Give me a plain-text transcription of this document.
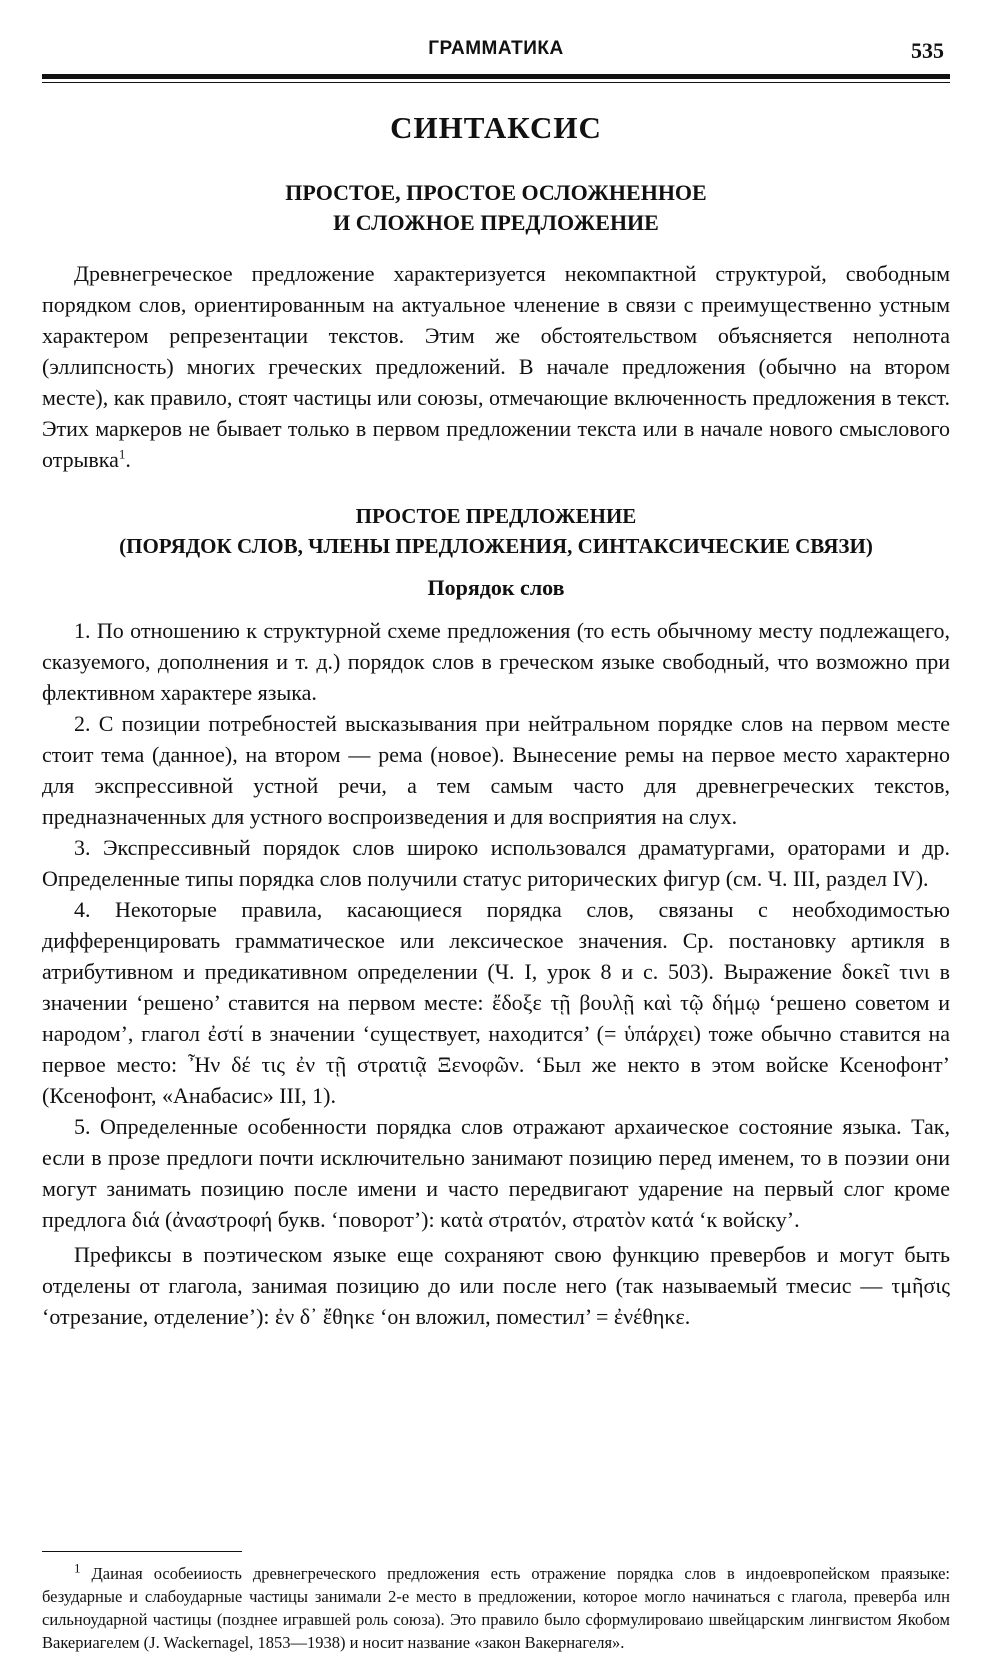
ГРАММАТИКА	535
СИНТАКСИС
ПРОСТОЕ, ПРОСТОЕ ОСЛОЖНЕННОЕ
И СЛОЖНОЕ ПРЕДЛОЖЕНИЕ

Древнегреческое предложение характеризуется некомпактной структурой, свободным порядком слов, ориентированным на актуальное членение в связи с преимущественно устным характером репрезентации текстов. Этим же обстоятельством объясняется неполнота (эллипсность) многих греческих предложений. В начале предложения (обычно на втором месте), как правило, стоят частицы или союзы, отмечающие включенность предложения в текст. Этих маркеров не бывает только в первом предложении текста или в начале нового смыслового отрывка$^1$.

ПРОСТОЕ ПРЕДЛОЖЕНИЕ
(ПОРЯДОК СЛОВ, ЧЛЕНЫ ПРЕДЛОЖЕНИЯ, СИНТАКСИЧЕСКИЕ СВЯЗИ)
Порядок слов

1. По отношению к структурной схеме предложения (то есть обычному месту подлежащего, сказуемого, дополнения и т. д.) порядок слов в греческом языке свободный, что возможно при флективном характере языка.

2. С позиции потребностей высказывания при нейтральном порядке слов на первом месте стоит тема (данное), на втором — рема (новое). Вынесение ремы на первое место характерно для экспрессивной устной речи, а тем самым часто для древнегреческих текстов, предназначенных для устного воспроизведения и для восприятия на слух.

3. Экспрессивный порядок слов широко использовался драматургами, ораторами и др. Определенные типы порядка слов получили статус риторических фигур (см. Ч. III, раздел IV).

4. Некоторые правила, касающиеся порядка слов, связаны с необходимостью дифференцировать грамматическое или лексическое значения. Ср. постановку артикля в атрибутивном и предикативном определении (Ч. I, урок 8 и с. 503). Выражение δοκεῖ τινι в значении ‘решено’ ставится на первом месте: ἔδοξε τῇ βουλῇ καὶ τῷ δήμῳ ‘решено советом и народом’, глагол ἐστί в значении ‘существует, находится’ (= ὑπάρχει) тоже обычно ставится на первое место: Ἦν δέ τις ἐν τῇ στρατιᾷ Ξενοφῶν. ‘Был же некто в этом войске Ксенофонт’ (Ксенофонт, «Анабасис» III, 1).

5. Определенные особенности порядка слов отражают архаическое состояние языка. Так, если в прозе предлоги почти исключительно занимают позицию перед именем, то в поэзии они могут занимать позицию после имени и часто передвигают ударение на первый слог кроме предлога διά (ἀναστροφή букв. ‘поворот’): κατὰ στρατόν, στρατὸν κατά ‘к войску’.

Префиксы в поэтическом языке еще сохраняют свою функцию превербов и могут быть отделены от глагола, занимая позицию до или после него (так называемый тмесис — τμῆσις ‘отрезание, отделение’): ἐν δ᾽ ἔθηκε ‘он вложил, поместил’ = ἐνέθηκε.

$^1$ Даиная особеииость древнегреческого предложения есть отражение порядка слов в индоевропейском праязыке: безударные и слабоударные частицы занимали 2-е место в предложении, которое могло начинаться с глагола, преверба илн сильноударной частицы (позднее игравшей роль союза). Это правило было сформулироваио швейцарским лингвистом Якобом Вакериагелем (J. Wackernagel, 1853—1938) и носит название «закон Вакернагеля».
